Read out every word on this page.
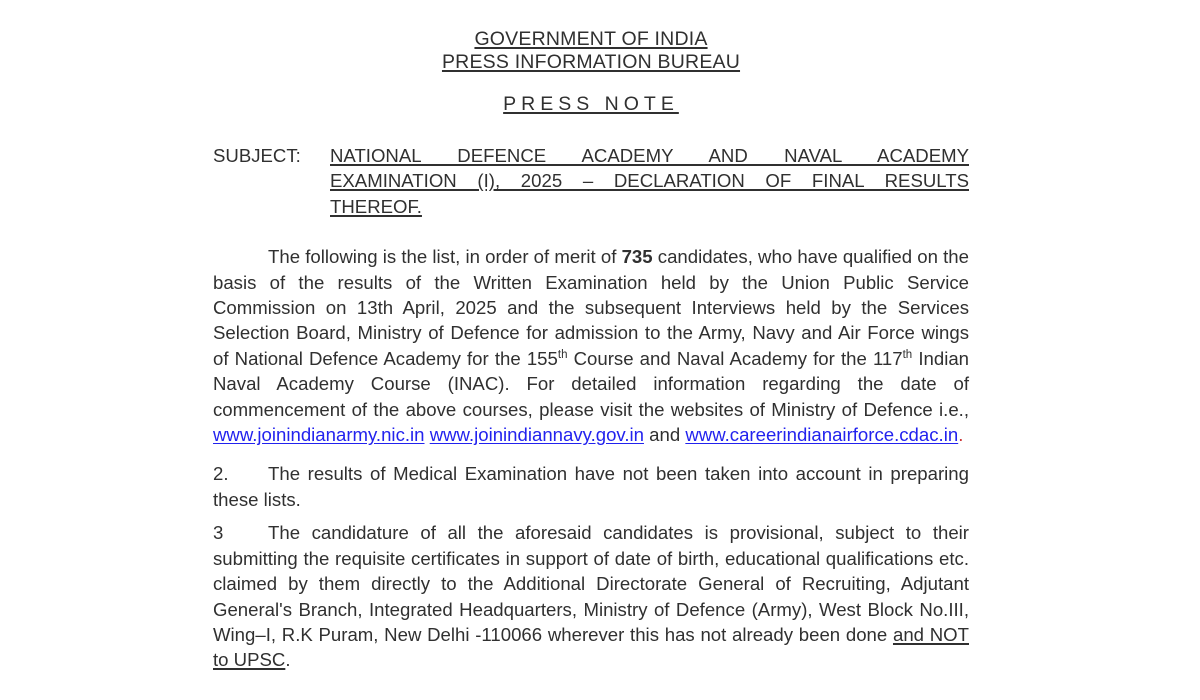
GOVERNMENT OF INDIA
PRESS INFORMATION BUREAU
PRESS NOTE
SUBJECT:	NATIONAL DEFENCE ACADEMY AND NAVAL ACADEMY
EXAMINATION (I), 2025 – DECLARATION OF FINAL RESULTS
THEREOF.

The following is the list, in order of merit of 735 candidates, who have qualified on the basis of the results of the Written Examination held by the Union Public Service Commission on 13th April, 2025 and the subsequent Interviews held by the Services Selection Board, Ministry of Defence for admission to the Army, Navy and Air Force wings of National Defence Academy for the 155th Course and Naval Academy for the 117th Indian Naval Academy Course (INAC). For detailed information regarding the date of commencement of the above courses, please visit the websites of Ministry of Defence i.e., www.joinindianarmy.nic.in www.joinindiannavy.gov.in and www.careerindianairforce.cdac.in.

2. The results of Medical Examination have not been taken into account in preparing these lists.

3 The candidature of all the aforesaid candidates is provisional, subject to their submitting the requisite certificates in support of date of birth, educational qualifications etc. claimed by them directly to the Additional Directorate General of Recruiting, Adjutant General's Branch, Integrated Headquarters, Ministry of Defence (Army), West Block No.III, Wing–I, R.K Puram, New Delhi -110066 wherever this has not already been done and NOT to UPSC.
